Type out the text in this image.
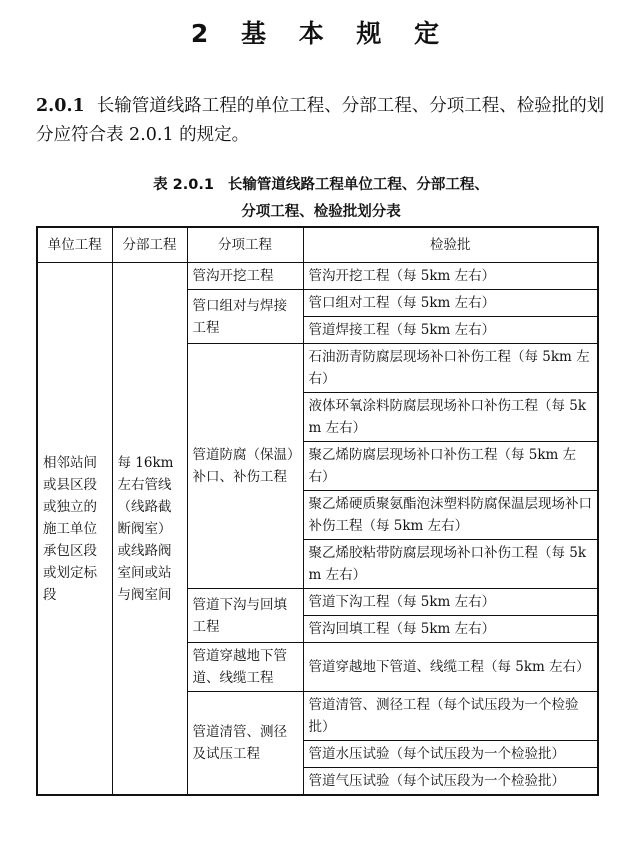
2 基 本 规 定
2.0.1 长输管道线路工程的单位工程、分部工程、分项工程、检验批的划分应符合表 2.0.1 的规定。
表 2.0.1 长输管道线路工程单位工程、分部工程、
分项工程、检验批划分表
单位工程	分部工程	分项工程	检验批
相邻站间或县区段或独立的施工单位承包区段或划定标段	每 16km 左右管线（线路截断阀室）或线路阀室间或站与阀室间	管沟开挖工程	管沟开挖工程（每 5km 左右）
		管口组对与焊接工程	管口组对工程（每 5km 左右）
			管道焊接工程（每 5km 左右）
		管道防腐（保温）补口、补伤工程	石油沥青防腐层现场补口补伤工程（每 5km 左右）
			液体环氧涂料防腐层现场补口补伤工程（每 5km 左右）
			聚乙烯防腐层现场补口补伤工程（每 5km 左右）
			聚乙烯硬质聚氨酯泡沫塑料防腐保温层现场补口补伤工程（每 5km 左右）
			聚乙烯胶粘带防腐层现场补口补伤工程（每 5km 左右）
		管道下沟与回填工程	管道下沟工程（每 5km 左右）
			管沟回填工程（每 5km 左右）
		管道穿越地下管道、线缆工程	管道穿越地下管道、线缆工程（每 5km 左右）
		管道清管、测径及试压工程	管道清管、测径工程（每个试压段为一个检验批）
			管道水压试验（每个试压段为一个检验批）
			管道气压试验（每个试压段为一个检验批）
